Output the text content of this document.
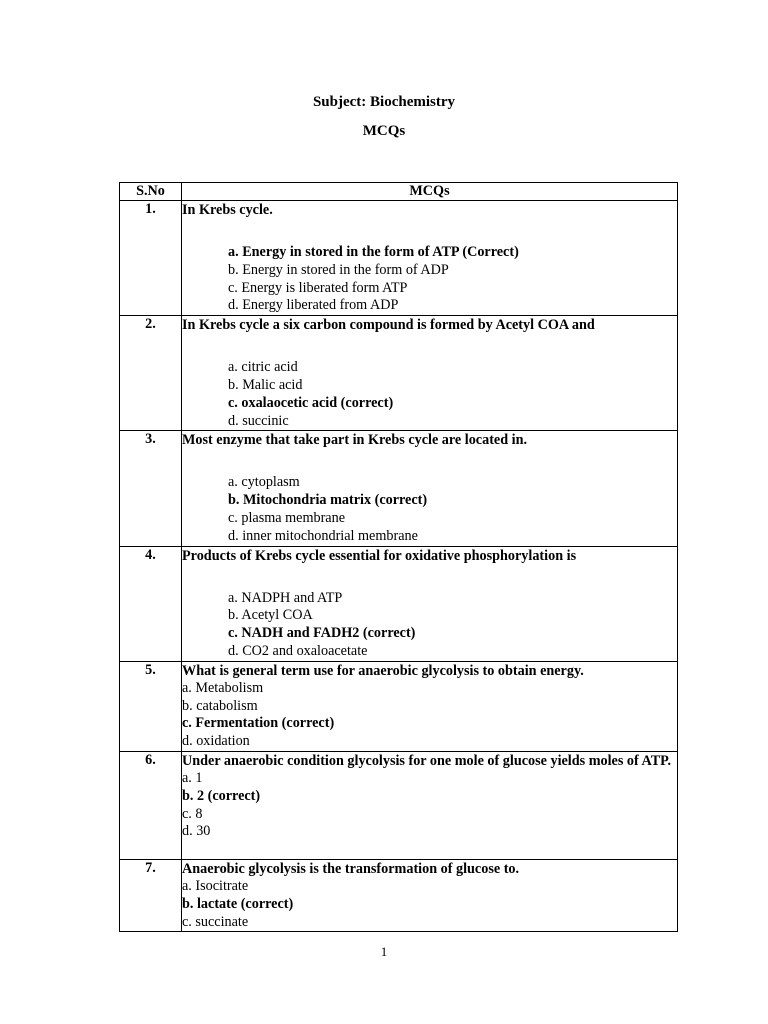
Subject: Biochemistry
MCQs
S.No	MCQs
1.	In Krebs cycle.
a. Energy in stored in the form of ATP (Correct)
b. Energy in stored in the form of ADP
c. Energy is liberated form ATP
d. Energy liberated from ADP

2.	In Krebs cycle a six carbon compound is formed by Acetyl COA and
a. citric acid
b. Malic acid
c. oxalaocetic acid (correct)
d. succinic

3.	Most enzyme that take part in Krebs cycle are located in.
a. cytoplasm
b. Mitochondria matrix (correct)
c. plasma membrane
d. inner mitochondrial membrane

4.	Products of Krebs cycle essential for oxidative phosphorylation is
a. NADPH and ATP
b. Acetyl COA
c. NADH and FADH2 (correct)
d. CO2 and oxaloacetate

5.	What is general term use for anaerobic glycolysis to obtain energy.
a. Metabolism
b. catabolism
c. Fermentation (correct)
d. oxidation

6.	Under anaerobic condition glycolysis for one mole of glucose yields moles of ATP.
a. 1
b. 2 (correct)
c. 8
d. 30

7.	Anaerobic glycolysis is the transformation of glucose to.
a. Isocitrate
b. lactate (correct)
c. succinate
1
